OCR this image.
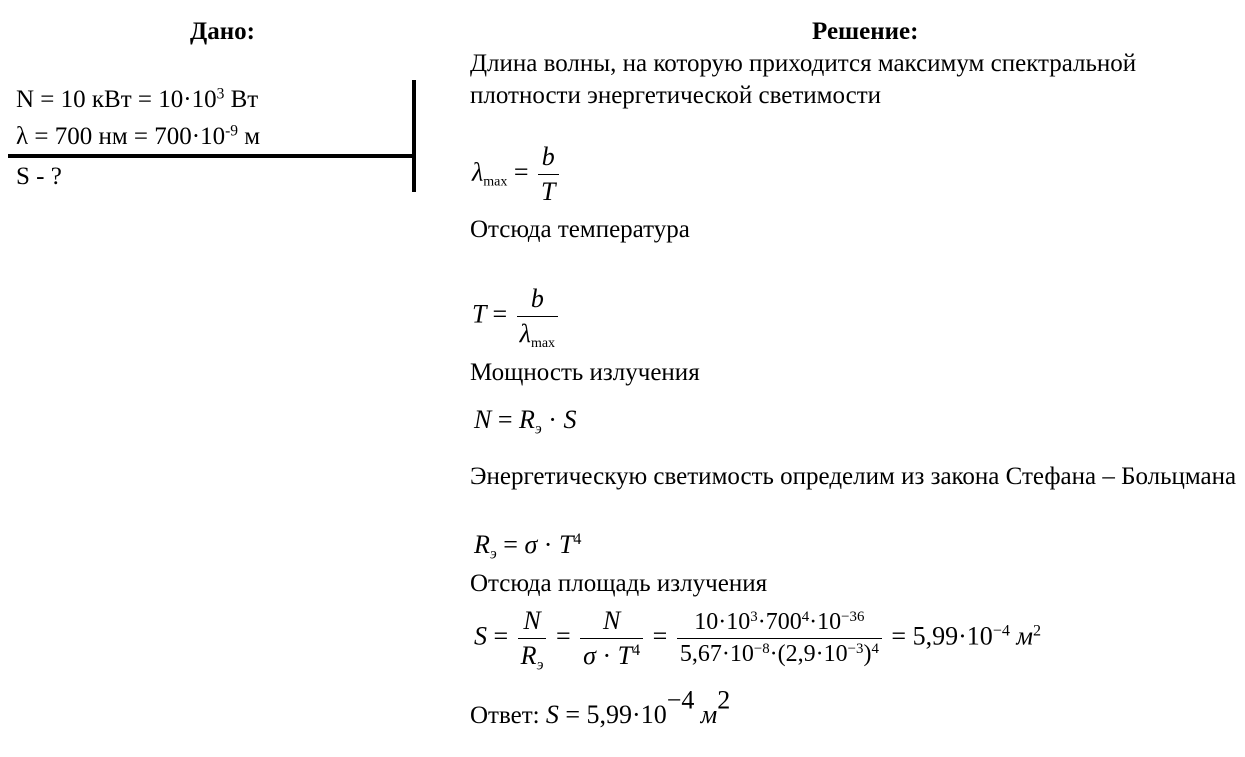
Дано:
N = 10 кВт = $10\cdot 10^3$ Вт
λ = 700 нм = $700\cdot 10^{-9}$ м
S - ?
Решение:
Длина волны, на которую приходится максимум спектральной плотности энергетической светимости
$\lambda_{max} = \frac{b}{T}$
Отсюда температура
$T = \frac{b}{\lambda_{max}}$
Мощность излучения
$N = R_э \cdot S$
Энергетическую светимость определим из закона Стефана – Больцмана
$R_э = \sigma \cdot T^4$
Отсюда площадь излучения
$S = \frac{N}{R_э} = \frac{N}{\sigma \cdot T^4} = \frac{10\cdot 10^3\cdot 700^4\cdot 10^{-36}}{5,67\cdot 10^{-8}\cdot(2,9\cdot 10^{-3})^4} = 5,99\cdot 10^{-4}$ $м^2$
Ответ: $S = 5,99\cdot 10^{-4}$ $м^2$
